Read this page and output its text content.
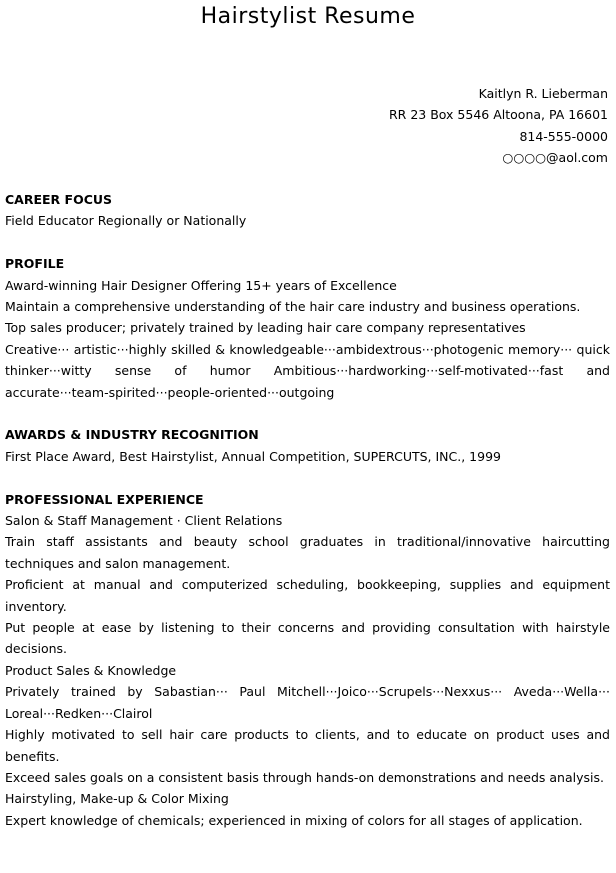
Hairstylist Resume
Kaitlyn R. Lieberman
RR 23 Box 5546 Altoona, PA 16601
814-555-0000
○○○○@aol.com

CAREER FOCUS

Field Educator Regionally or Nationally

PROFILE

Award-winning Hair Designer Offering 15+ years of Excellence

Maintain a comprehensive understanding of the hair care industry and business operations.

Top sales producer; privately trained by leading hair care company representatives

Creative··· artistic···highly skilled & knowledgeable···ambidextrous···photogenic memory··· quick thinker···witty sense of humor Ambitious···hardworking···self-motivated···fast and accurate···team-spirited···people-oriented···outgoing

AWARDS & INDUSTRY RECOGNITION

First Place Award, Best Hairstylist, Annual Competition, SUPERCUTS, INC., 1999

PROFESSIONAL EXPERIENCE

Salon & Staff Management · Client Relations

Train staff assistants and beauty school graduates in traditional/innovative haircutting techniques and salon management.

Proficient at manual and computerized scheduling, bookkeeping, supplies and equipment inventory.

Put people at ease by listening to their concerns and providing consultation with hairstyle decisions.

Product Sales & Knowledge

Privately trained by Sabastian··· Paul Mitchell···Joico···Scrupels···Nexxus··· Aveda···Wella··· Loreal···Redken···Clairol

Highly motivated to sell hair care products to clients, and to educate on product uses and benefits.

Exceed sales goals on a consistent basis through hands-on demonstrations and needs analysis.

Hairstyling, Make-up & Color Mixing

Expert knowledge of chemicals; experienced in mixing of colors for all stages of application.
